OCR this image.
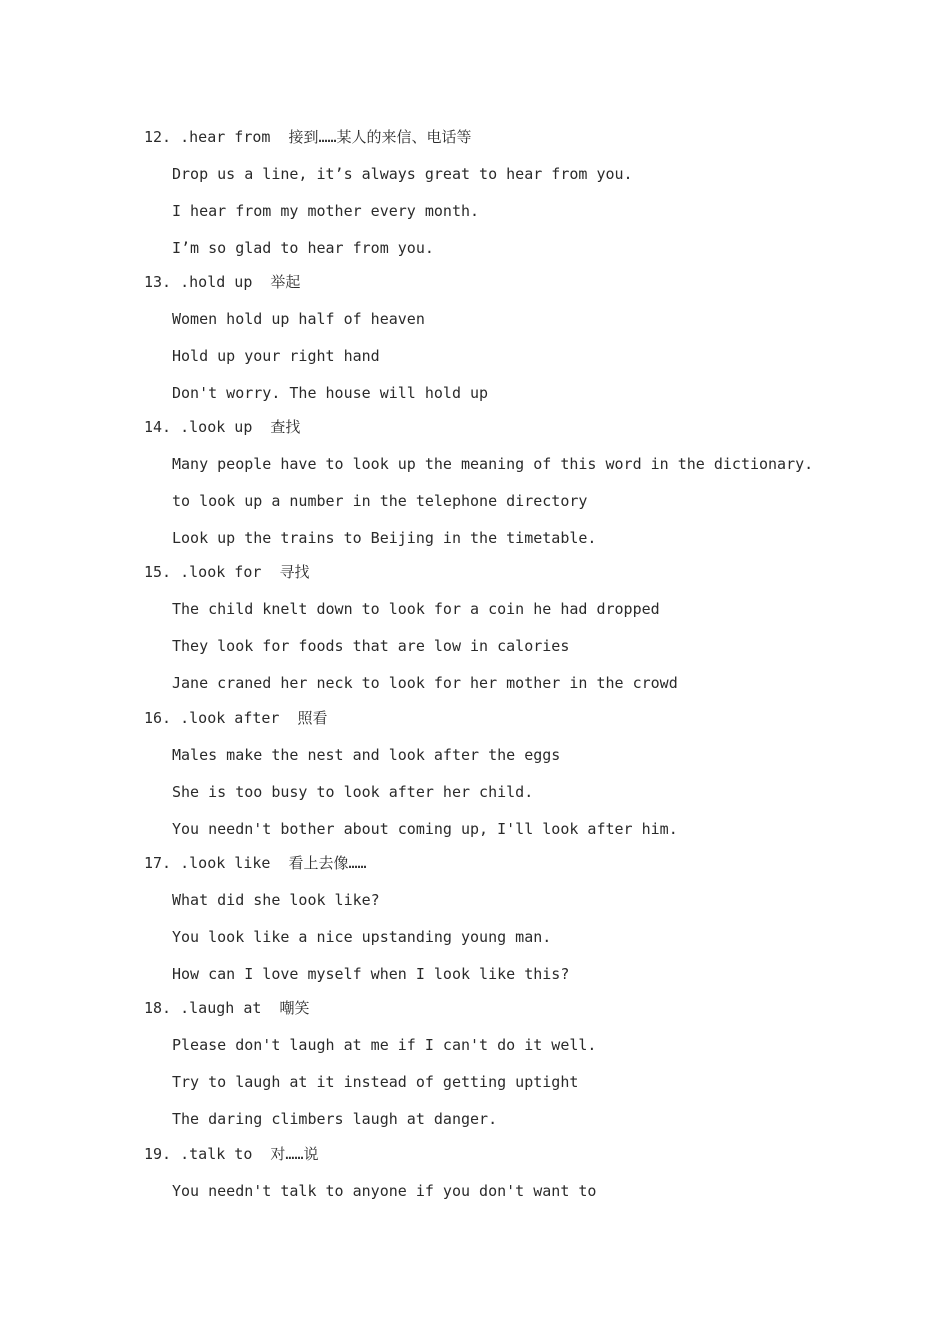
12. .hear from  接到……某人的来信、电话等
Drop us a line, it’s always great to hear from you.
I hear from my mother every month.
I’m so glad to hear from you.
13. .hold up  举起
Women hold up half of heaven
Hold up your right hand
Don't worry. The house will hold up
14. .look up  查找
Many people have to look up the meaning of this word in the dictionary.
to look up a number in the telephone directory
Look up the trains to Beijing in the timetable.
15. .look for  寻找
The child knelt down to look for a coin he had dropped
They look for foods that are low in calories
Jane craned her neck to look for her mother in the crowd
16. .look after  照看
Males make the nest and look after the eggs
She is too busy to look after her child.
You needn't bother about coming up, I'll look after him.
17. .look like  看上去像……
What did she look like?
You look like a nice upstanding young man.
How can I love myself when I look like this?
18. .laugh at  嘲笑
Please don't laugh at me if I can't do it well.
Try to laugh at it instead of getting uptight
The daring climbers laugh at danger.
19. .talk to  对……说
You needn't talk to anyone if you don't want to
